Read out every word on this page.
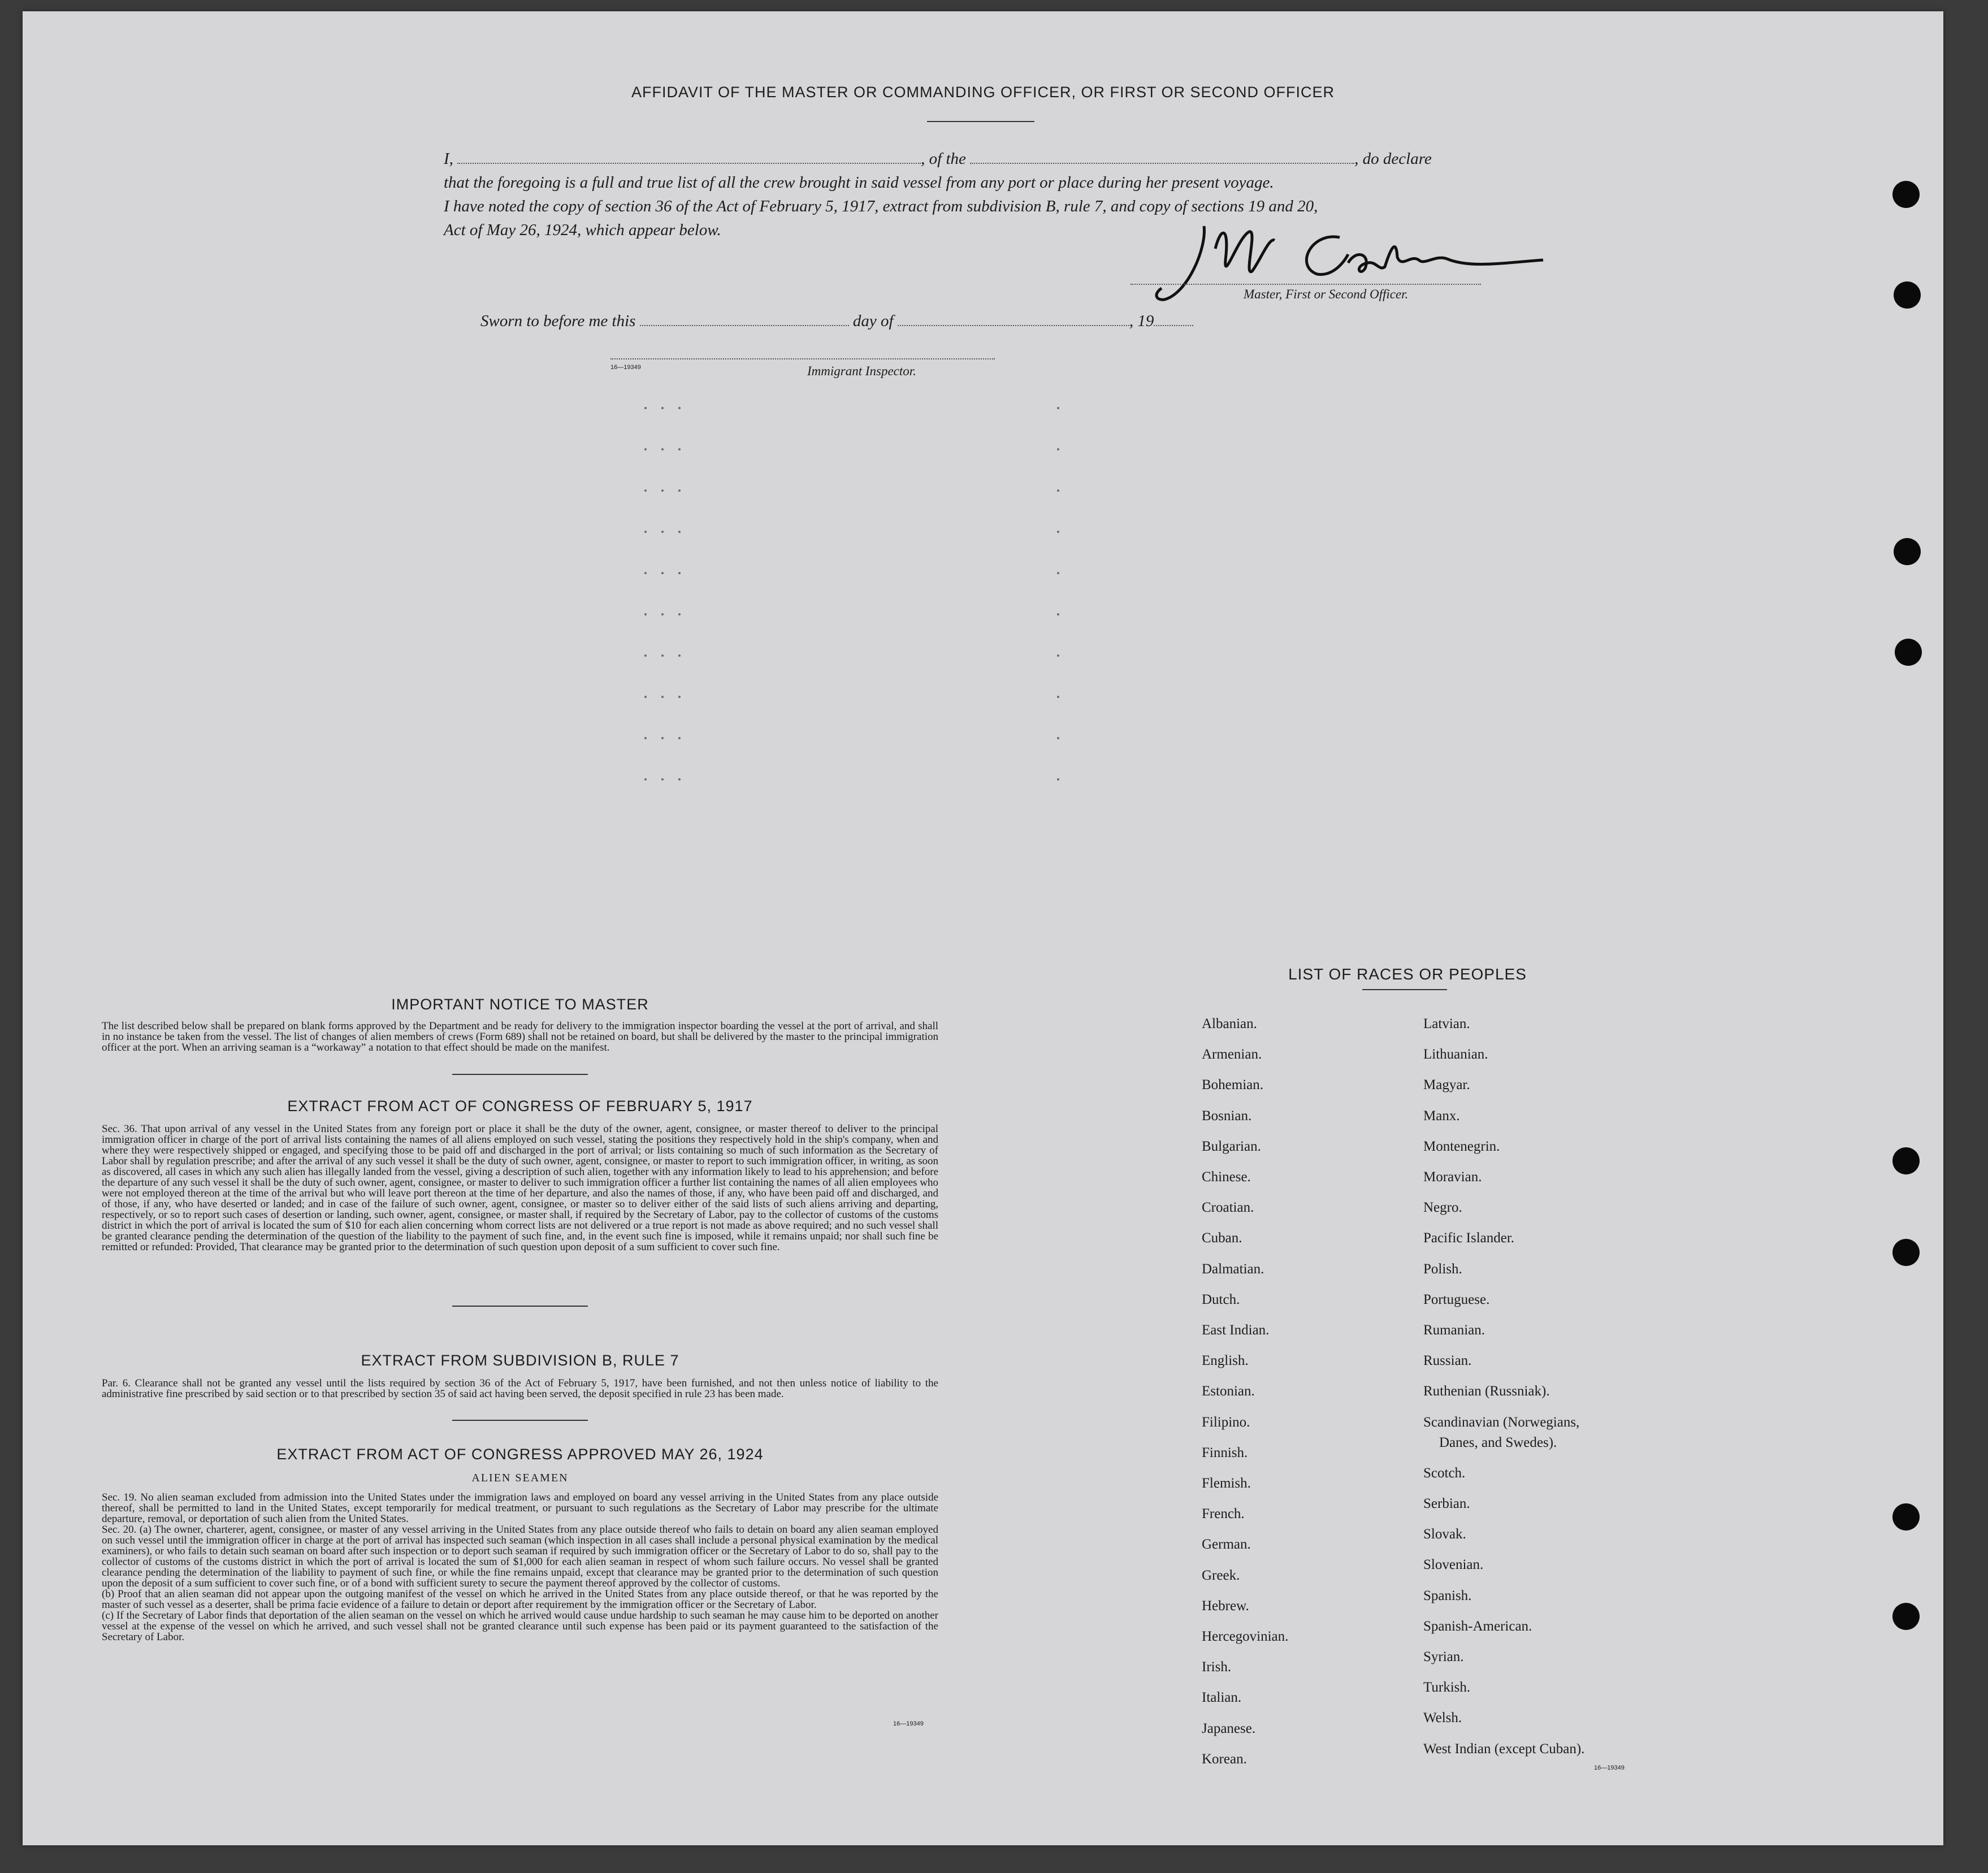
AFFIDAVIT OF THE MASTER OR COMMANDING OFFICER, OR FIRST OR SECOND OFFICER

I,	, of the	, do declare

that the foregoing is a full and true list of all the crew brought in said vessel from any port or place during her present voyage.

I have noted the copy of section 36 of the Act of February 5, 1917, extract from subdivision B, rule 7, and copy of sections 19 and 20,

Act of May 26, 1924, which appear below.

Master, First or Second Officer.
Sworn to before me this	day of	, 19
16—19349	Immigrant Inspector.
IMPORTANT NOTICE TO MASTER
The list described below shall be prepared on blank forms approved by the Department and be ready for delivery to the immigration inspector boarding the vessel at the port of arrival, and shall in no instance be taken from the vessel. The list of changes of alien members of crews (Form 689) shall not be retained on board, but shall be delivered by the master to the principal immigration officer at the port. When an arriving seaman is a “workaway” a notation to that effect should be made on the manifest.
EXTRACT FROM ACT OF CONGRESS OF FEBRUARY 5, 1917
Sec. 36. That upon arrival of any vessel in the United States from any foreign port or place it shall be the duty of the owner, agent, consignee, or master thereof to deliver to the principal immigration officer in charge of the port of arrival lists containing the names of all aliens employed on such vessel, stating the positions they respectively hold in the ship's company, when and where they were respectively shipped or engaged, and specifying those to be paid off and discharged in the port of arrival; or lists containing so much of such information as the Secretary of Labor shall by regulation prescribe; and after the arrival of any such vessel it shall be the duty of such owner, agent, consignee, or master to report to such immigration officer, in writing, as soon as discovered, all cases in which any such alien has illegally landed from the vessel, giving a description of such alien, together with any information likely to lead to his apprehension; and before the departure of any such vessel it shall be the duty of such owner, agent, consignee, or master to deliver to such immigration officer a further list containing the names of all alien employees who were not employed thereon at the time of the arrival but who will leave port thereon at the time of her departure, and also the names of those, if any, who have been paid off and discharged, and of those, if any, who have deserted or landed; and in case of the failure of such owner, agent, consignee, or master so to deliver either of the said lists of such aliens arriving and departing, respectively, or so to report such cases of desertion or landing, such owner, agent, consignee, or master shall, if required by the Secretary of Labor, pay to the collector of customs of the customs district in which the port of arrival is located the sum of $10 for each alien concerning whom correct lists are not delivered or a true report is not made as above required; and no such vessel shall be granted clearance pending the determination of the question of the liability to the payment of such fine, and, in the event such fine is imposed, while it remains unpaid; nor shall such fine be remitted or refunded: Provided, That clearance may be granted prior to the determination of such question upon deposit of a sum sufficient to cover such fine.
EXTRACT FROM SUBDIVISION B, RULE 7
Par. 6. Clearance shall not be granted any vessel until the lists required by section 36 of the Act of February 5, 1917, have been furnished, and not then unless notice of liability to the administrative fine prescribed by said section or to that prescribed by section 35 of said act having been served, the deposit specified in rule 23 has been made.
EXTRACT FROM ACT OF CONGRESS APPROVED MAY 26, 1924
ALIEN SEAMEN
Sec. 19. No alien seaman excluded from admission into the United States under the immigration laws and employed on board any vessel arriving in the United States from any place outside thereof, shall be permitted to land in the United States, except temporarily for medical treatment, or pursuant to such regulations as the Secretary of Labor may prescribe for the ultimate departure, removal, or deportation of such alien from the United States.
Sec. 20. (a) The owner, charterer, agent, consignee, or master of any vessel arriving in the United States from any place outside thereof who fails to detain on board any alien seaman employed on such vessel until the immigration officer in charge at the port of arrival has inspected such seaman (which inspection in all cases shall include a personal physical examination by the medical examiners), or who fails to detain such seaman on board after such inspection or to deport such seaman if required by such immigration officer or the Secretary of Labor to do so, shall pay to the collector of customs of the customs district in which the port of arrival is located the sum of $1,000 for each alien seaman in respect of whom such failure occurs. No vessel shall be granted clearance pending the determination of the liability to payment of such fine, or while the fine remains unpaid, except that clearance may be granted prior to the determination of such question upon the deposit of a sum sufficient to cover such fine, or of a bond with sufficient surety to secure the payment thereof approved by the collector of customs.
(b) Proof that an alien seaman did not appear upon the outgoing manifest of the vessel on which he arrived in the United States from any place outside thereof, or that he was reported by the master of such vessel as a deserter, shall be prima facie evidence of a failure to detain or deport after requirement by the immigration officer or the Secretary of Labor.
(c) If the Secretary of Labor finds that deportation of the alien seaman on the vessel on which he arrived would cause undue hardship to such seaman he may cause him to be deported on another vessel at the expense of the vessel on which he arrived, and such vessel shall not be granted clearance until such expense has been paid or its payment guaranteed to the satisfaction of the Secretary of Labor.
16—19349
LIST OF RACES OR PEOPLES
Albanian.
Armenian.
Bohemian.
Bosnian.
Bulgarian.
Chinese.
Croatian.
Cuban.
Dalmatian.
Dutch.
East Indian.
English.
Estonian.
Filipino.
Finnish.
Flemish.
French.
German.
Greek.
Hebrew.
Hercegovinian.
Irish.
Italian.
Japanese.
Korean.
Latvian.
Lithuanian.
Magyar.
Manx.
Montenegrin.
Moravian.
Negro.
Pacific Islander.
Polish.
Portuguese.
Rumanian.
Russian.
Ruthenian (Russniak).
Scandinavian (Norwegians,
Danes, and Swedes).
Scotch.
Serbian.
Slovak.
Slovenian.
Spanish.
Spanish-American.
Syrian.
Turkish.
Welsh.
West Indian (except Cuban).
16—19349
